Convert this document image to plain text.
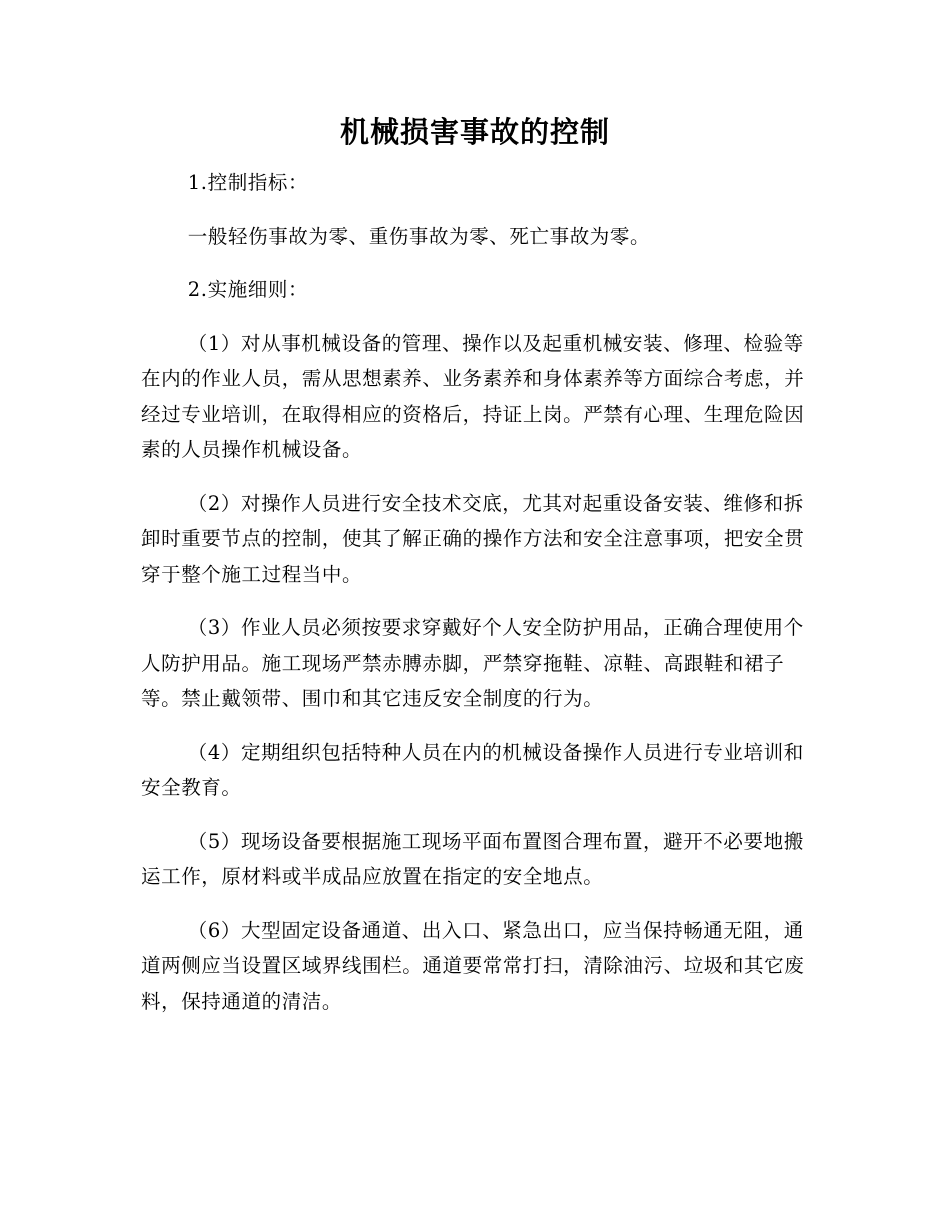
机械损害事故的控制

1.控制指标：

一般轻伤事故为零、重伤事故为零、死亡事故为零。

2.实施细则：

（1）对从事机械设备的管理、操作以及起重机械安装、修理、检验等在内的作业人员，需从思想素养、业务素养和身体素养等方面综合考虑，并经过专业培训，在取得相应的资格后，持证上岗。严禁有心理、生理危险因素的人员操作机械设备。

（2）对操作人员进行安全技术交底，尤其对起重设备安装、维修和拆卸时重要节点的控制，使其了解正确的操作方法和安全注意事项，把安全贯穿于整个施工过程当中。

（3）作业人员必须按要求穿戴好个人安全防护用品，正确合理使用个人防护用品。施工现场严禁赤膊赤脚，严禁穿拖鞋、凉鞋、高跟鞋和裙子等。禁止戴领带、围巾和其它违反安全制度的行为。

（4）定期组织包括特种人员在内的机械设备操作人员进行专业培训和安全教育。

（5）现场设备要根据施工现场平面布置图合理布置，避开不必要地搬运工作，原材料或半成品应放置在指定的安全地点。

（6）大型固定设备通道、出入口、紧急出口，应当保持畅通无阻，通道两侧应当设置区域界线围栏。通道要常常打扫，清除油污、垃圾和其它废料，保持通道的清洁。
